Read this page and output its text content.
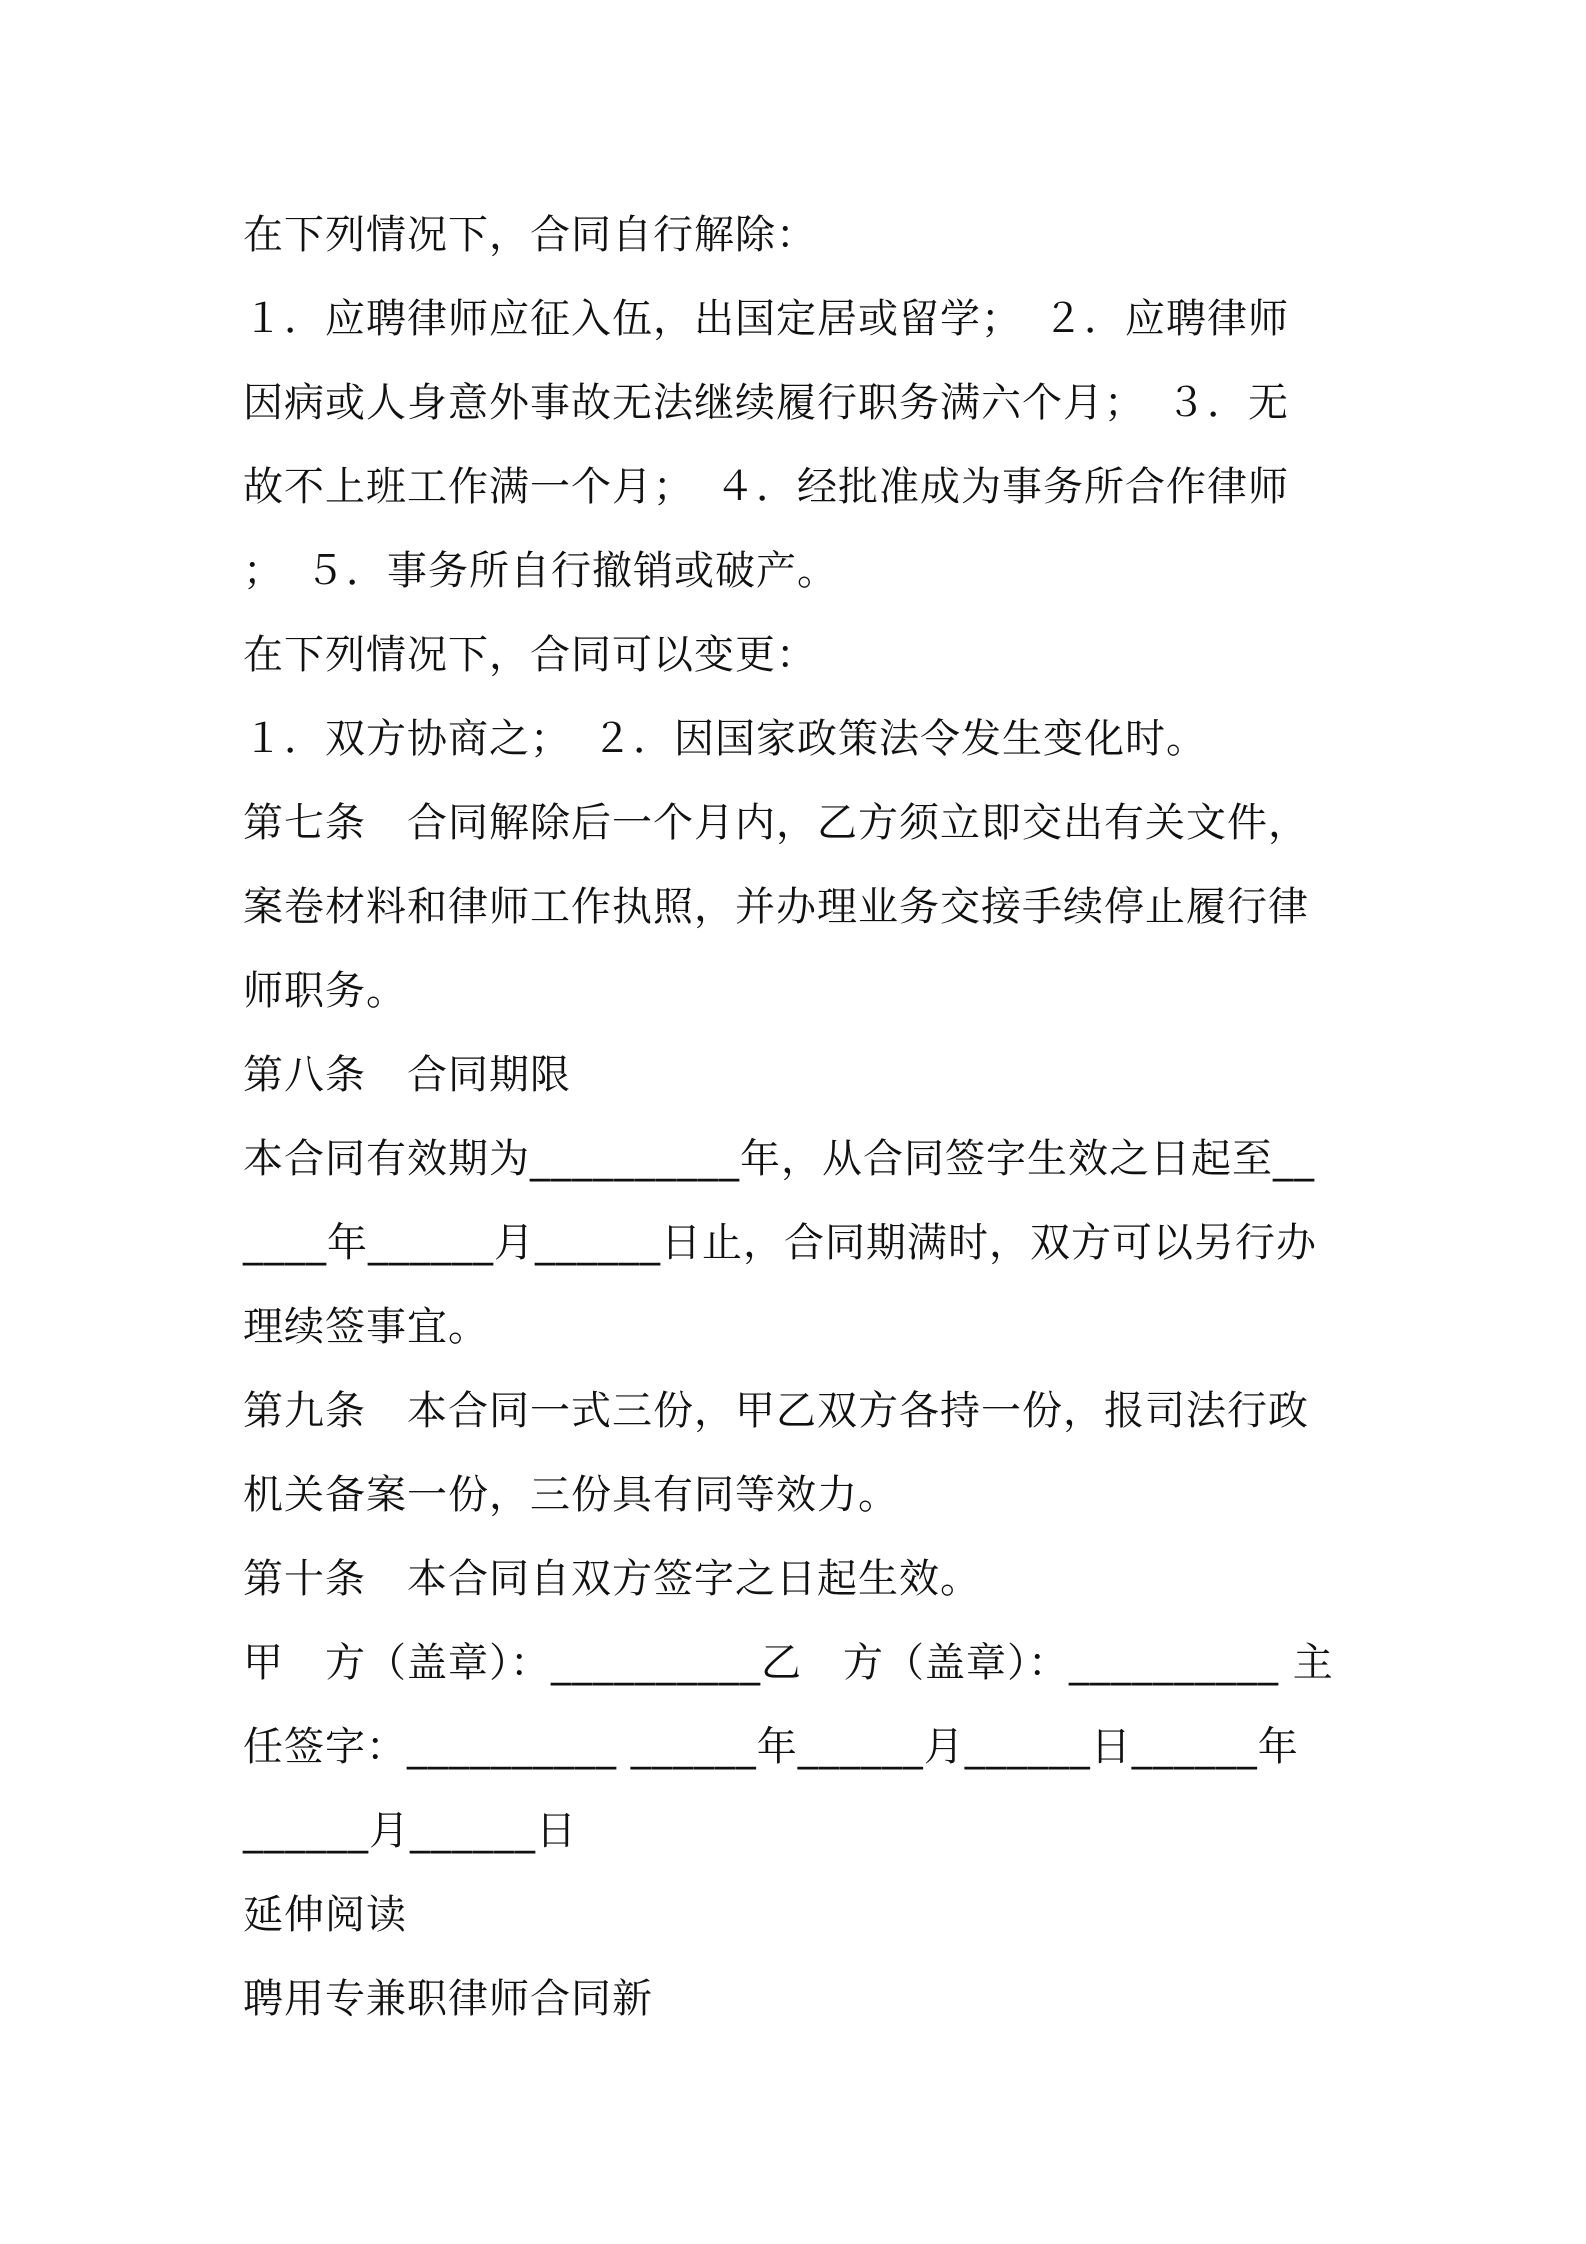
在下列情况下，合同自行解除：
１．应聘律师应征入伍，出国定居或留学；　２．应聘律师
因病或人身意外事故无法继续履行职务满六个月；　３．无
故不上班工作满一个月；　４．经批准成为事务所合作律师
；　５．事务所自行撤销或破产。
在下列情况下，合同可以变更：
１．双方协商之；　２．因国家政策法令发生变化时。
第七条　合同解除后一个月内，乙方须立即交出有关文件，
案卷材料和律师工作执照，并办理业务交接手续停止履行律
师职务。
第八条　合同期限
本合同有效期为__________年，从合同签字生效之日起至__
____年______月______日止，合同期满时，双方可以另行办
理续签事宜。
第九条　本合同一式三份，甲乙双方各持一份，报司法行政
机关备案一份，三份具有同等效力。
第十条　本合同自双方签字之日起生效。
甲　方（盖章）：__________乙　方（盖章）：__________ 主
任签字：__________ ______年______月______日______年
______月______日
延伸阅读
聘用专兼职律师合同新
